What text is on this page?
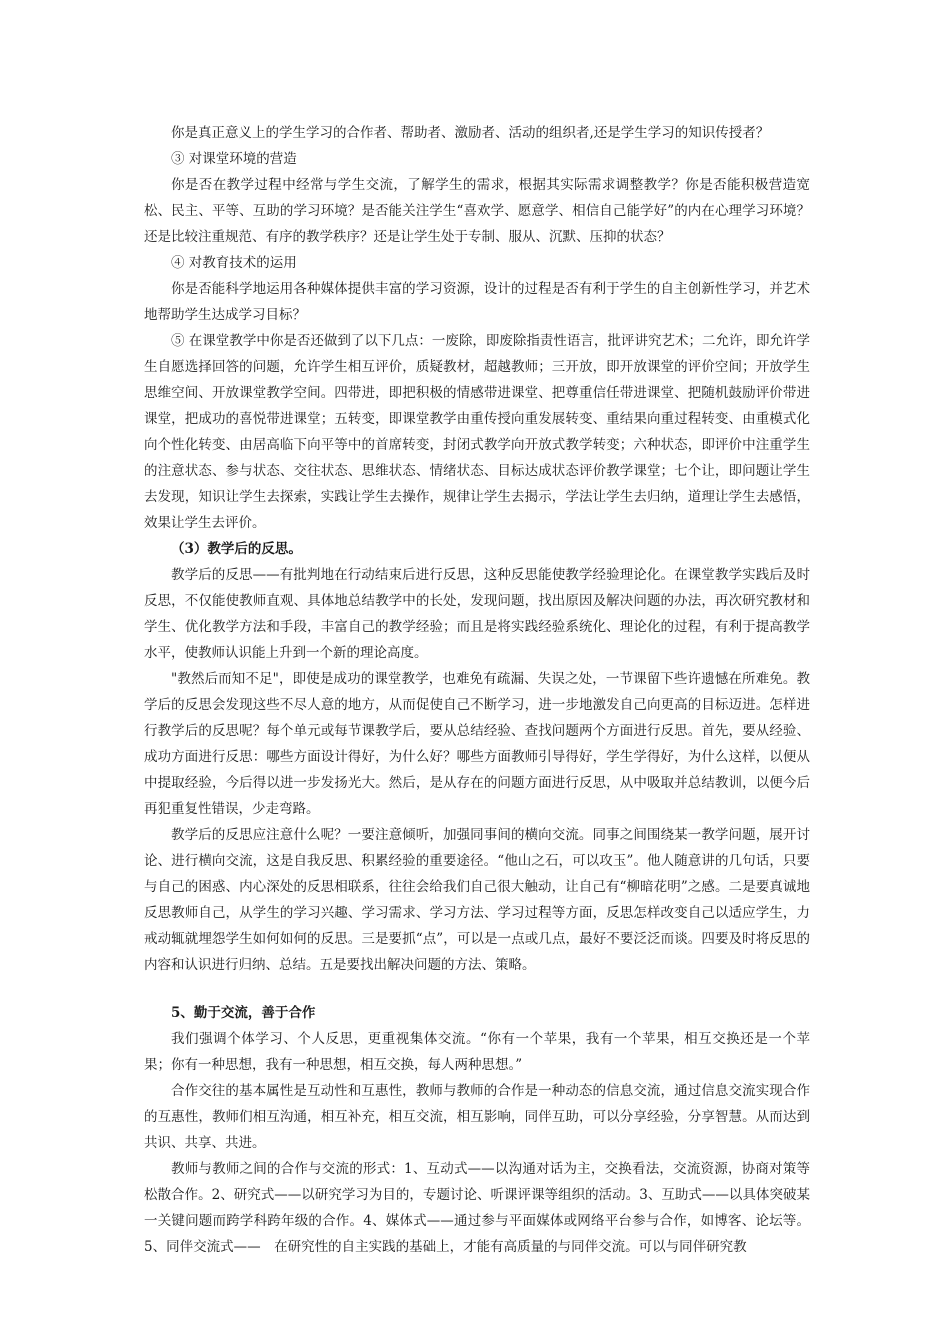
你是真正意义上的学生学习的合作者、帮助者、激励者、活动的组织者,还是学生学习的知识传授者？

③ 对课堂环境的营造

你是否在教学过程中经常与学生交流，了解学生的需求，根据其实际需求调整教学？你是否能积极营造宽松、民主、平等、互助的学习环境？是否能关注学生“喜欢学、愿意学、相信自己能学好”的内在心理学习环境？还是比较注重规范、有序的教学秩序？还是让学生处于专制、服从、沉默、压抑的状态？

④ 对教育技术的运用

你是否能科学地运用各种媒体提供丰富的学习资源，设计的过程是否有利于学生的自主创新性学习，并艺术地帮助学生达成学习目标？

⑤ 在课堂教学中你是否还做到了以下几点：一废除，即废除指责性语言，批评讲究艺术；二允许，即允许学生自愿选择回答的问题，允许学生相互评价，质疑教材，超越教师；三开放，即开放课堂的评价空间；开放学生思维空间、开放课堂教学空间。四带进，即把积极的情感带进课堂、把尊重信任带进课堂、把随机鼓励评价带进课堂，把成功的喜悦带进课堂；五转变，即课堂教学由重传授向重发展转变、重结果向重过程转变、由重模式化向个性化转变、由居高临下向平等中的首席转变，封闭式教学向开放式教学转变；六种状态，即评价中注重学生的注意状态、参与状态、交往状态、思维状态、情绪状态、目标达成状态评价教学课堂；七个让，即问题让学生去发现，知识让学生去探索，实践让学生去操作，规律让学生去揭示，学法让学生去归纳，道理让学生去感悟，效果让学生去评价。

（3）教学后的反思。

教学后的反思——有批判地在行动结束后进行反思，这种反思能使教学经验理论化。在课堂教学实践后及时反思，不仅能使教师直观、具体地总结教学中的长处，发现问题，找出原因及解决问题的办法，再次研究教材和学生、优化教学方法和手段，丰富自己的教学经验；而且是将实践经验系统化、理论化的过程，有利于提高教学水平，使教师认识能上升到一个新的理论高度。

"教然后而知不足"，即使是成功的课堂教学，也难免有疏漏、失误之处，一节课留下些许遗憾在所难免。教学后的反思会发现这些不尽人意的地方，从而促使自己不断学习，进一步地激发自己向更高的目标迈进。怎样进行教学后的反思呢？每个单元或每节课教学后，要从总结经验、查找问题两个方面进行反思。首先，要从经验、成功方面进行反思：哪些方面设计得好，为什么好？哪些方面教师引导得好，学生学得好，为什么这样，以便从中提取经验，今后得以进一步发扬光大。然后，是从存在的问题方面进行反思，从中吸取并总结教训，以便今后再犯重复性错误，少走弯路。

教学后的反思应注意什么呢？一要注意倾听，加强同事间的横向交流。同事之间围绕某一教学问题，展开讨论、进行横向交流，这是自我反思、积累经验的重要途径。“他山之石，可以攻玉”。他人随意讲的几句话，只要与自己的困惑、内心深处的反思相联系，往往会给我们自己很大触动，让自己有“柳暗花明”之感。二是要真诚地反思教师自己，从学生的学习兴趣、学习需求、学习方法、学习过程等方面，反思怎样改变自己以适应学生，力戒动辄就埋怨学生如何如何的反思。三是要抓“点”，可以是一点或几点，最好不要泛泛而谈。四要及时将反思的内容和认识进行归纳、总结。五是要找出解决问题的方法、策略。

5、勤于交流，善于合作

我们强调个体学习、个人反思，更重视集体交流。“你有一个苹果，我有一个苹果，相互交换还是一个苹果；你有一种思想，我有一种思想，相互交换，每人两种思想。”

合作交往的基本属性是互动性和互惠性，教师与教师的合作是一种动态的信息交流，通过信息交流实现合作的互惠性，教师们相互沟通，相互补充，相互交流，相互影响，同伴互助，可以分享经验，分享智慧。从而达到共识、共享、共进。

教师与教师之间的合作与交流的形式：1、互动式——以沟通对话为主，交换看法，交流资源，协商对策等松散合作。2、研究式——以研究学习为目的，专题讨论、听课评课等组织的活动。3、互助式——以具体突破某一关键问题而跨学科跨年级的合作。4、媒体式——通过参与平面媒体或网络平台参与合作，如博客、论坛等。5、同伴交流式——　在研究性的自主实践的基础上，才能有高质量的与同伴交流。可以与同伴研究教
